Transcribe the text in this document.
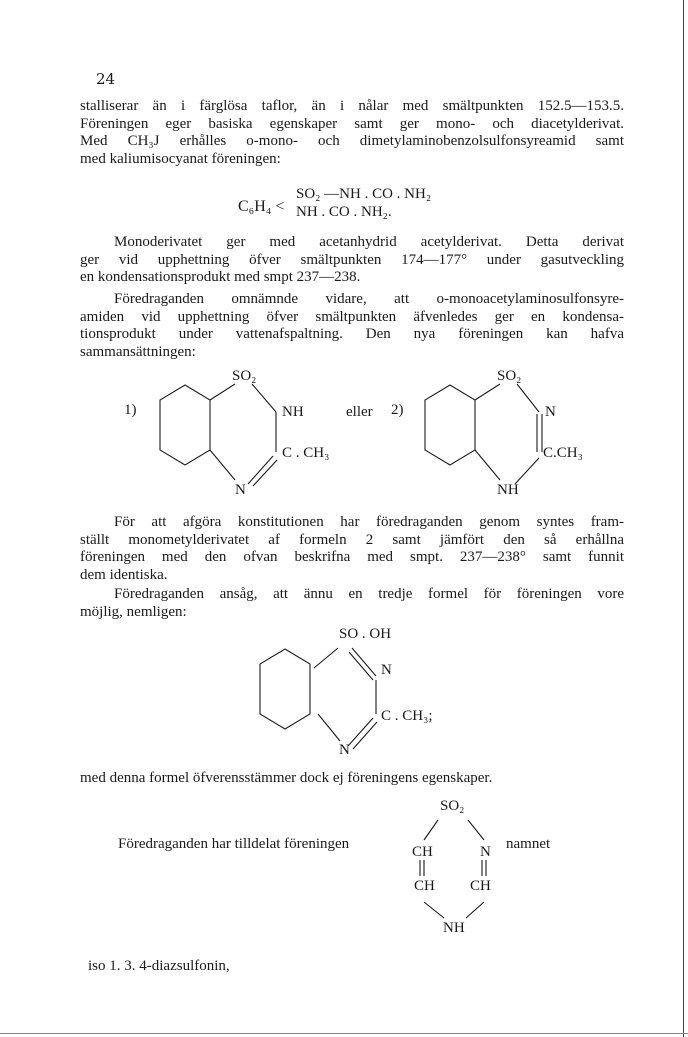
24
stalliserar än i färglösa taflor, än i nålar med smältpunkten 152.5—153.5.
Föreningen eger basiska egenskaper samt ger mono- och diacetylderivat.
Med CH₃J erhålles o-mono- och dimetylaminobenzolsulfonsyreamid samt
med kaliumisocyanat föreningen:
C₆H₄ <
SO₂ —NH . CO . NH₂
NH . CO . NH₂.
Monoderivatet ger med acetanhydrid acetylderivat. Detta derivat
ger vid upphettning öfver smältpunkten 174—177° under gasutveckling
en kondensationsprodukt med smpt 237—238.
Föredraganden omnämnde vidare, att o-monoacetylaminosulfonsyre-
amiden vid upphettning öfver smältpunkten äfvenledes ger en kondensa-
tionsprodukt under vattenafspaltning. Den nya föreningen kan hafva
sammansättningen:
1)
SO₂
NH
C . CH₃
N
eller 2)
SO₂
N
C.CH₃
NH
För att afgöra konstitutionen har föredraganden genom syntes fram-
ställt monometylderivatet af formeln 2 samt jämfört den så erhållna
föreningen med den ofvan beskrifna med smpt. 237—238° samt funnit
dem identiska.
Föredraganden ansåg, att ännu en tredje formel för föreningen vore
möjlig, nemligen:
SO . OH
N
C . CH₃;
N
med denna formel öfverensstämmer dock ej föreningens egenskaper.
Föredraganden har tilldelat föreningen	namnet
SO₂
CH	N
CH CH
NH
iso 1. 3. 4-diazsulfonin,
